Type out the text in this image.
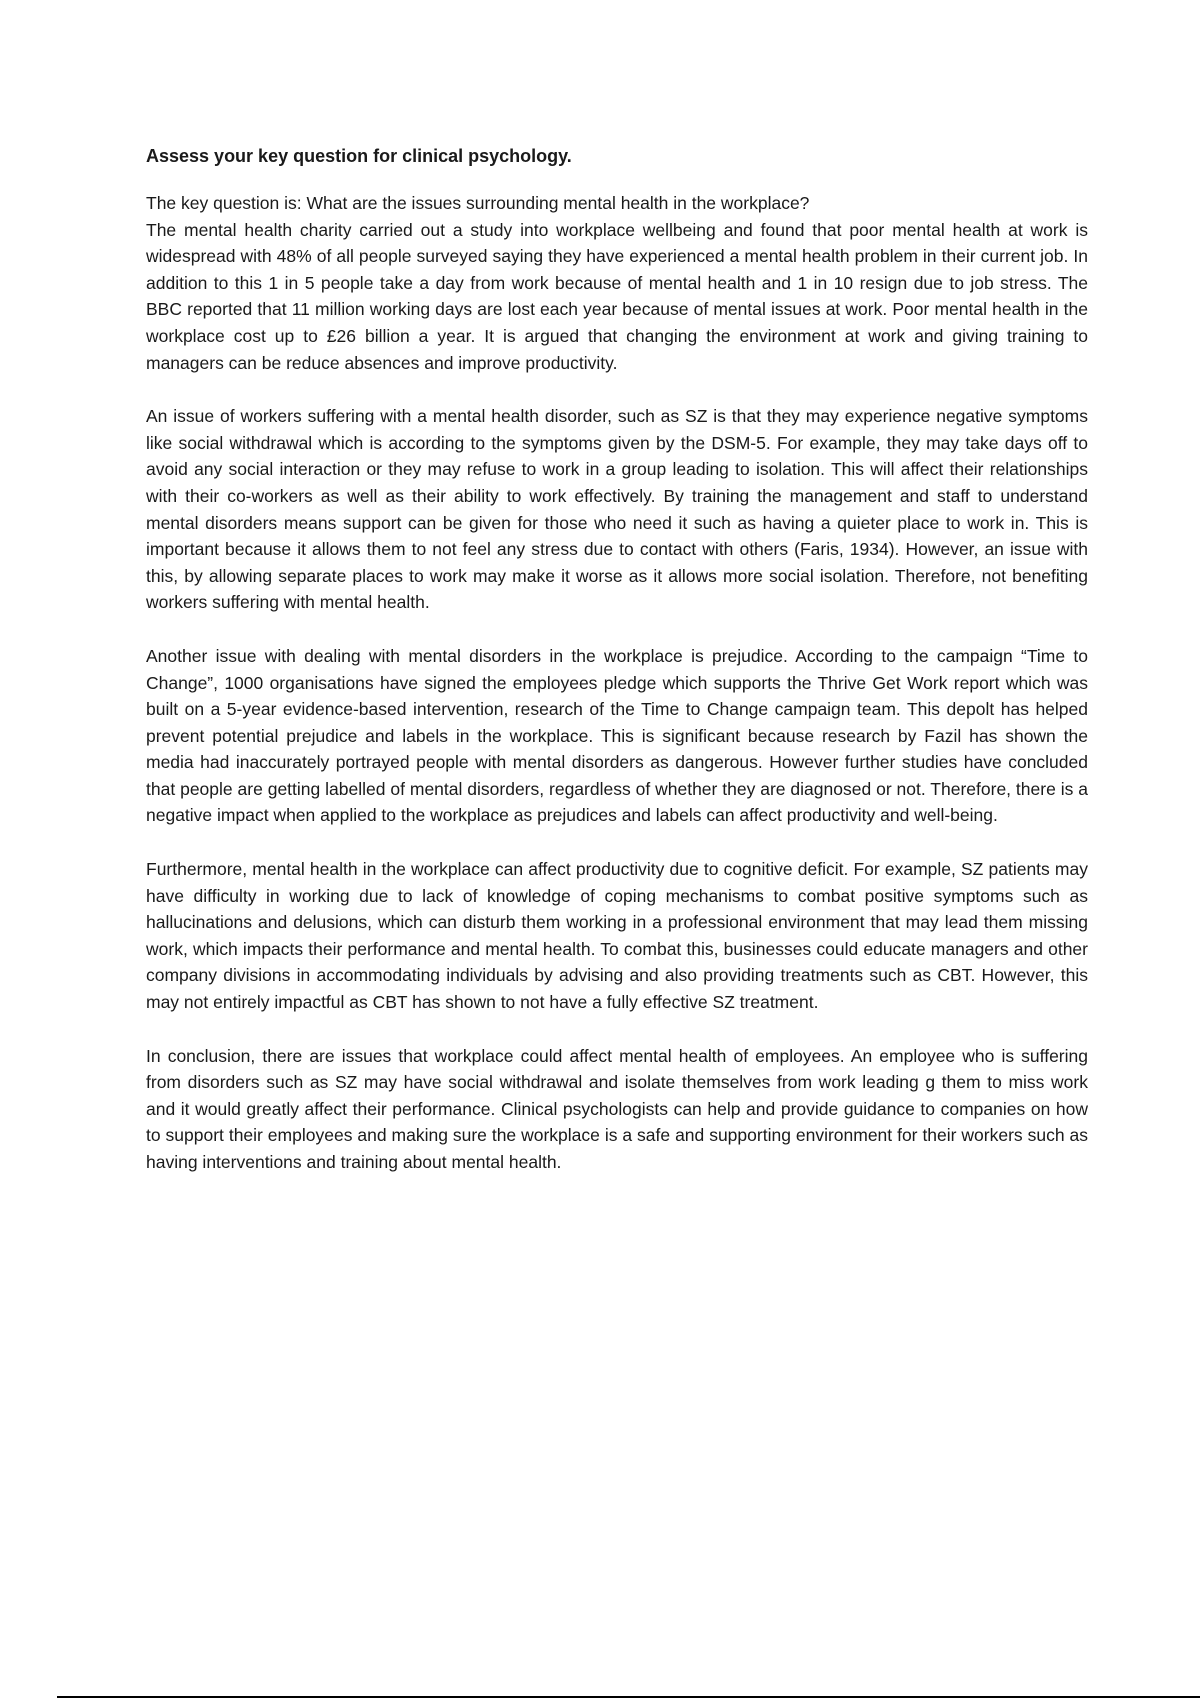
Assess your key question for clinical psychology.

The key question is: What are the issues surrounding mental health in the workplace?

The mental health charity carried out a study into workplace wellbeing and found that poor mental health at work is widespread with 48% of all people surveyed saying they have experienced a mental health problem in their current job. In addition to this 1 in 5 people take a day from work because of mental health and 1 in 10 resign due to job stress. The BBC reported that 11 million working days are lost each year because of mental issues at work. Poor mental health in the workplace cost up to £26 billion a year. It is argued that changing the environment at work and giving training to managers can be reduce absences and improve productivity.

An issue of workers suffering with a mental health disorder, such as SZ is that they may experience negative symptoms like social withdrawal which is according to the symptoms given by the DSM-5. For example, they may take days off to avoid any social interaction or they may refuse to work in a group leading to isolation. This will affect their relationships with their co-workers as well as their ability to work effectively. By training the management and staff to understand mental disorders means support can be given for those who need it such as having a quieter place to work in. This is important because it allows them to not feel any stress due to contact with others (Faris, 1934). However, an issue with this, by allowing separate places to work may make it worse as it allows more social isolation. Therefore, not benefiting workers suffering with mental health.

Another issue with dealing with mental disorders in the workplace is prejudice. According to the campaign “Time to Change”, 1000 organisations have signed the employees pledge which supports the Thrive Get Work report which was built on a 5-year evidence-based intervention, research of the Time to Change campaign team. This depolt has helped prevent potential prejudice and labels in the workplace. This is significant because research by Fazil has shown the media had inaccurately portrayed people with mental disorders as dangerous. However further studies have concluded that people are getting labelled of mental disorders, regardless of whether they are diagnosed or not. Therefore, there is a negative impact when applied to the workplace as prejudices and labels can affect productivity and well-being.

Furthermore, mental health in the workplace can affect productivity due to cognitive deficit. For example, SZ patients may have difficulty in working due to lack of knowledge of coping mechanisms to combat positive symptoms such as hallucinations and delusions, which can disturb them working in a professional environment that may lead them missing work, which impacts their performance and mental health. To combat this, businesses could educate managers and other company divisions in accommodating individuals by advising and also providing treatments such as CBT. However, this may not entirely impactful as CBT has shown to not have a fully effective SZ treatment.

In conclusion, there are issues that workplace could affect mental health of employees. An employee who is suffering from disorders such as SZ may have social withdrawal and isolate themselves from work leading g them to miss work and it would greatly affect their performance. Clinical psychologists can help and provide guidance to companies on how to support their employees and making sure the workplace is a safe and supporting environment for their workers such as having interventions and training about mental health.
